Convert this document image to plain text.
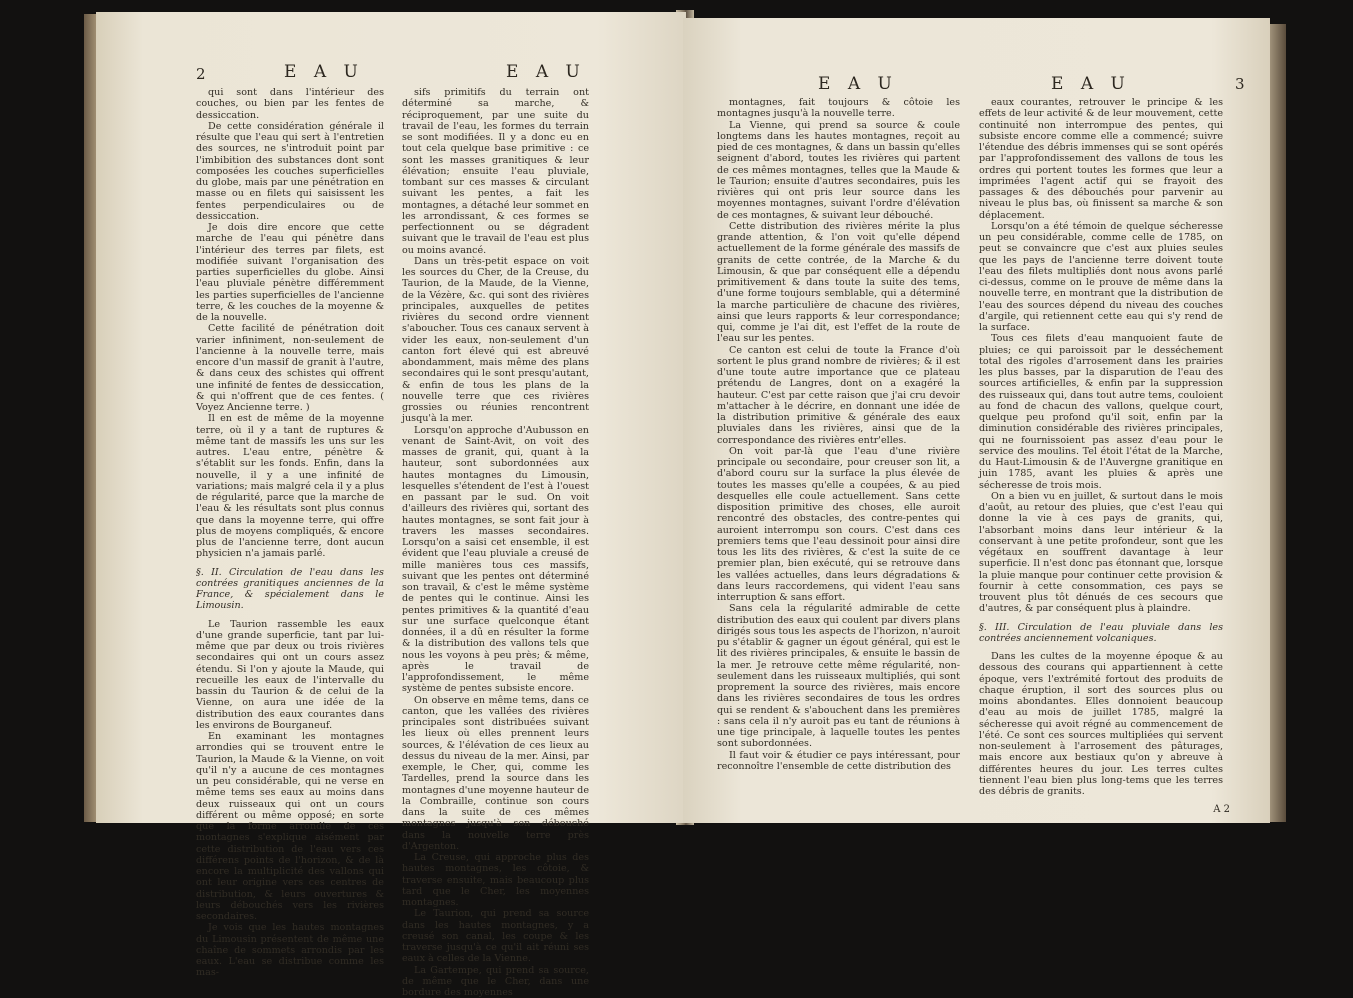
2	E A U	E A U

qui sont dans l'intérieur des couches, ou bien par les fentes de dessiccation.

De cette considération générale il résulte que l'eau qui sert à l'entretien des sources, ne s'introduit point par l'imbibition des substances dont sont composées les couches superficielles du globe, mais par une pénétration en masse ou en filets qui saisissent les fentes perpendiculaires ou de dessiccation.

Je dois dire encore que cette marche de l'eau qui pénètre dans l'intérieur des terres par filets, est modifiée suivant l'organisation des parties superficielles du globe. Ainsi l'eau pluviale pénètre différemment les parties superficielles de l'ancienne terre, & les couches de la moyenne & de la nouvelle.

Cette facilité de pénétration doit varier infiniment, non-seulement de l'ancienne à la nouvelle terre, mais encore d'un massif de granit à l'autre, & dans ceux des schistes qui offrent une infinité de fentes de dessiccation, & qui n'offrent que de ces fentes. ( Voyez Ancienne terre. )

Il en est de même de la moyenne terre, où il y a tant de ruptures & même tant de massifs les uns sur les autres. L'eau entre, pénètre & s'établit sur les fonds. Enfin, dans la nouvelle, il y a une infinité de variations; mais malgré cela il y a plus de régularité, parce que la marche de l'eau & les résultats sont plus connus que dans la moyenne terre, qui offre plus de moyens compliqués, & encore plus de l'ancienne terre, dont aucun physicien n'a jamais parlé.

§. II. Circulation de l'eau dans les contrées granitiques anciennes de la France, & spécialement dans le Limousin.

Le Taurion rassemble les eaux d'une grande superficie, tant par lui-même que par deux ou trois rivières secondaires qui ont un cours assez étendu. Si l'on y ajoute la Maude, qui recueille les eaux de l'intervalle du bassin du Taurion & de celui de la Vienne, on aura une idée de la distribution des eaux courantes dans les environs de Bourganeuf.

En examinant les montagnes arrondies qui se trouvent entre le Taurion, la Maude & la Vienne, on voit qu'il n'y a aucune de ces montagnes un peu considérable, qui ne verse en même tems ses eaux au moins dans deux ruisseaux qui ont un cours différent ou même opposé; en sorte que la forme arrondie de ces montagnes s'explique aisément par cette distribution de l'eau vers ces différens points de l'horizon, & de là encore la multiplicité des vallons qui ont leur origine vers ces centres de distribution, & leurs ouvertures & leurs débouchés vers les rivières secondaires.

Je vois que les hautes montagnes du Limousin présentent de même une chaîne de sommets arrondis par les eaux. L'eau se distribue comme les mas-

sifs primitifs du terrain ont déterminé sa marche, & réciproquement, par une suite du travail de l'eau, les formes du terrain se sont modifiées. Il y a donc eu en tout cela quelque base primitive : ce sont les masses granitiques & leur élévation; ensuite l'eau pluviale, tombant sur ces masses & circulant suivant les pentes, a fait les montagnes, a détaché leur sommet en les arrondissant, & ces formes se perfectionnent ou se dégradent suivant que le travail de l'eau est plus ou moins avancé.

Dans un très-petit espace on voit les sources du Cher, de la Creuse, du Taurion, de la Maude, de la Vienne, de la Vézère, &c. qui sont des rivières principales, auxquelles de petites rivières du second ordre viennent s'aboucher. Tous ces canaux servent à vider les eaux, non-seulement d'un canton fort élevé qui est abreuvé abondamment, mais même des plans secondaires qui le sont presqu'autant, & enfin de tous les plans de la nouvelle terre que ces rivières grossies ou réunies rencontrent jusqu'à la mer.

Lorsqu'on approche d'Aubusson en venant de Saint-Avit, on voit des masses de granit, qui, quant à la hauteur, sont subordonnées aux hautes montagnes du Limousin, lesquelles s'étendent de l'est à l'ouest en passant par le sud. On voit d'ailleurs des rivières qui, sortant des hautes montagnes, se sont fait jour à travers les masses secondaires. Lorsqu'on a saisi cet ensemble, il est évident que l'eau pluviale a creusé de mille manières tous ces massifs, suivant que les pentes ont déterminé son travail, & c'est le même système de pentes qui le continue. Ainsi les pentes primitives & la quantité d'eau sur une surface quelconque étant données, il a dû en résulter la forme & la distribution des vallons tels que nous les voyons à peu près; & même, après le travail de l'approfondissement, le même système de pentes subsiste encore.

On observe en même tems, dans ce canton, que les vallées des rivières principales sont distribuées suivant les lieux où elles prennent leurs sources, & l'élévation de ces lieux au dessus du niveau de la mer. Ainsi, par exemple, le Cher, qui, comme les Tardelles, prend la source dans les montagnes d'une moyenne hauteur de la Combraille, continue son cours dans la suite de ces mêmes montagnes jusqu'à son débouché dans la nouvelle terre près d'Argenton.

La Creuse, qui approche plus des hautes montagnes, les côtoie, & traverse ensuite, mais beaucoup plus tard que le Cher, les moyennes montagnes.

Le Taurion, qui prend sa source dans les hautes montagnes, y a creusé son canal, les coupe & les traverse jusqu'à ce qu'il ait réuni ses eaux à celles de la Vienne.

La Gartempe, qui prend sa source, de même que le Cher, dans une bordure des moyennes

E A U	E A U	3

montagnes, fait toujours & côtoie les montagnes jusqu'à la nouvelle terre.

La Vienne, qui prend sa source & coule longtems dans les hautes montagnes, reçoit au pied de ces montagnes, & dans un bassin qu'elles seignent d'abord, toutes les rivières qui partent de ces mêmes montagnes, telles que la Maude & le Taurion; ensuite d'autres secondaires, puis les rivières qui ont pris leur source dans les moyennes montagnes, suivant l'ordre d'élévation de ces montagnes, & suivant leur débouché.

Cette distribution des rivières mérite la plus grande attention, & l'on voit qu'elle dépend actuellement de la forme générale des massifs de granits de cette contrée, de la Marche & du Limousin, & que par conséquent elle a dépendu primitivement & dans toute la suite des tems, d'une forme toujours semblable, qui a déterminé la marche particulière de chacune des rivières, ainsi que leurs rapports & leur correspondance; qui, comme je l'ai dit, est l'effet de la route de l'eau sur les pentes.

Ce canton est celui de toute la France d'où sortent le plus grand nombre de rivières; & il est d'une toute autre importance que ce plateau prétendu de Langres, dont on a exagéré la hauteur. C'est par cette raison que j'ai cru devoir m'attacher à le décrire, en donnant une idée de la distribution primitive & générale des eaux pluviales dans les rivières, ainsi que de la correspondance des rivières entr'elles.

On voit par-là que l'eau d'une rivière principale ou secondaire, pour creuser son lit, a d'abord couru sur la surface la plus élevée de toutes les masses qu'elle a coupées, & au pied desquelles elle coule actuellement. Sans cette disposition primitive des choses, elle auroit rencontré des obstacles, des contre-pentes qui auroient interrompu son cours. C'est dans ces premiers tems que l'eau dessinoit pour ainsi dire tous les lits des rivières, & c'est la suite de ce premier plan, bien exécuté, qui se retrouve dans les vallées actuelles, dans leurs dégradations & dans leurs raccordemens, qui vident l'eau sans interruption & sans effort.

Sans cela la régularité admirable de cette distribution des eaux qui coulent par divers plans dirigés sous tous les aspects de l'horizon, n'auroit pu s'établir & gagner un égout général, qui est le lit des rivières principales, & ensuite le bassin de la mer. Je retrouve cette même régularité, non-seulement dans les ruisseaux multipliés, qui sont proprement la source des rivières, mais encore dans les rivières secondaires de tous les ordres qui se rendent & s'abouchent dans les premières : sans cela il n'y auroit pas eu tant de réunions à une tige principale, à laquelle toutes les pentes sont subordonnées.

Il faut voir & étudier ce pays intéressant, pour reconnoître l'ensemble de cette distribution des

eaux courantes, retrouver le principe & les effets de leur activité & de leur mouvement, cette continuité non interrompue des pentes, qui subsiste encore comme elle a commencé; suivre l'étendue des débris immenses qui se sont opérés par l'approfondissement des vallons de tous les ordres qui portent toutes les formes que leur a imprimées l'agent actif qui se frayoit des passages & des débouchés pour parvenir au niveau le plus bas, où finissent sa marche & son déplacement.

Lorsqu'on a été témoin de quelque sécheresse un peu considérable, comme celle de 1785, on peut se convaincre que c'est aux pluies seules que les pays de l'ancienne terre doivent toute l'eau des filets multipliés dont nous avons parlé ci-dessus, comme on le prouve de même dans la nouvelle terre, en montrant que la distribution de l'eau des sources dépend du niveau des couches d'argile, qui retiennent cette eau qui s'y rend de la surface.

Tous ces filets d'eau manquoient faute de pluies; ce qui paroissoit par le desséchement total des rigoles d'arrosement dans les prairies les plus basses, par la disparution de l'eau des sources artificielles, & enfin par la suppression des ruisseaux qui, dans tout autre tems, couloient au fond de chacun des vallons, quelque court, quelque peu profond qu'il soit, enfin par la diminution considérable des rivières principales, qui ne fournissoient pas assez d'eau pour le service des moulins. Tel étoit l'état de la Marche, du Haut-Limousin & de l'Auvergne granitique en juin 1785, avant les pluies & après une sécheresse de trois mois.

On a bien vu en juillet, & surtout dans le mois d'août, au retour des pluies, que c'est l'eau qui donne la vie à ces pays de granits, qui, l'absorbant moins dans leur intérieur & la conservant à une petite profondeur, sont que les végétaux en souffrent davantage à leur superficie. Il n'est donc pas étonnant que, lorsque la pluie manque pour continuer cette provision & fournir à cette consommation, ces pays se trouvent plus tôt dénués de ces secours que d'autres, & par conséquent plus à plaindre.

§. III. Circulation de l'eau pluviale dans les contrées anciennement volcaniques.

Dans les cultes de la moyenne époque & au dessous des courans qui appartiennent à cette époque, vers l'extrémité fortout des produits de chaque éruption, il sort des sources plus ou moins abondantes. Elles donnoient beaucoup d'eau au mois de juillet 1785, malgré la sécheresse qui avoit régné au commencement de l'été. Ce sont ces sources multipliées qui servent non-seulement à l'arrosement des pâturages, mais encore aux bestiaux qu'on y abreuve à différentes heures du jour. Les terres cultes tiennent l'eau bien plus long-tems que les terres des débris de granits.

A 2
